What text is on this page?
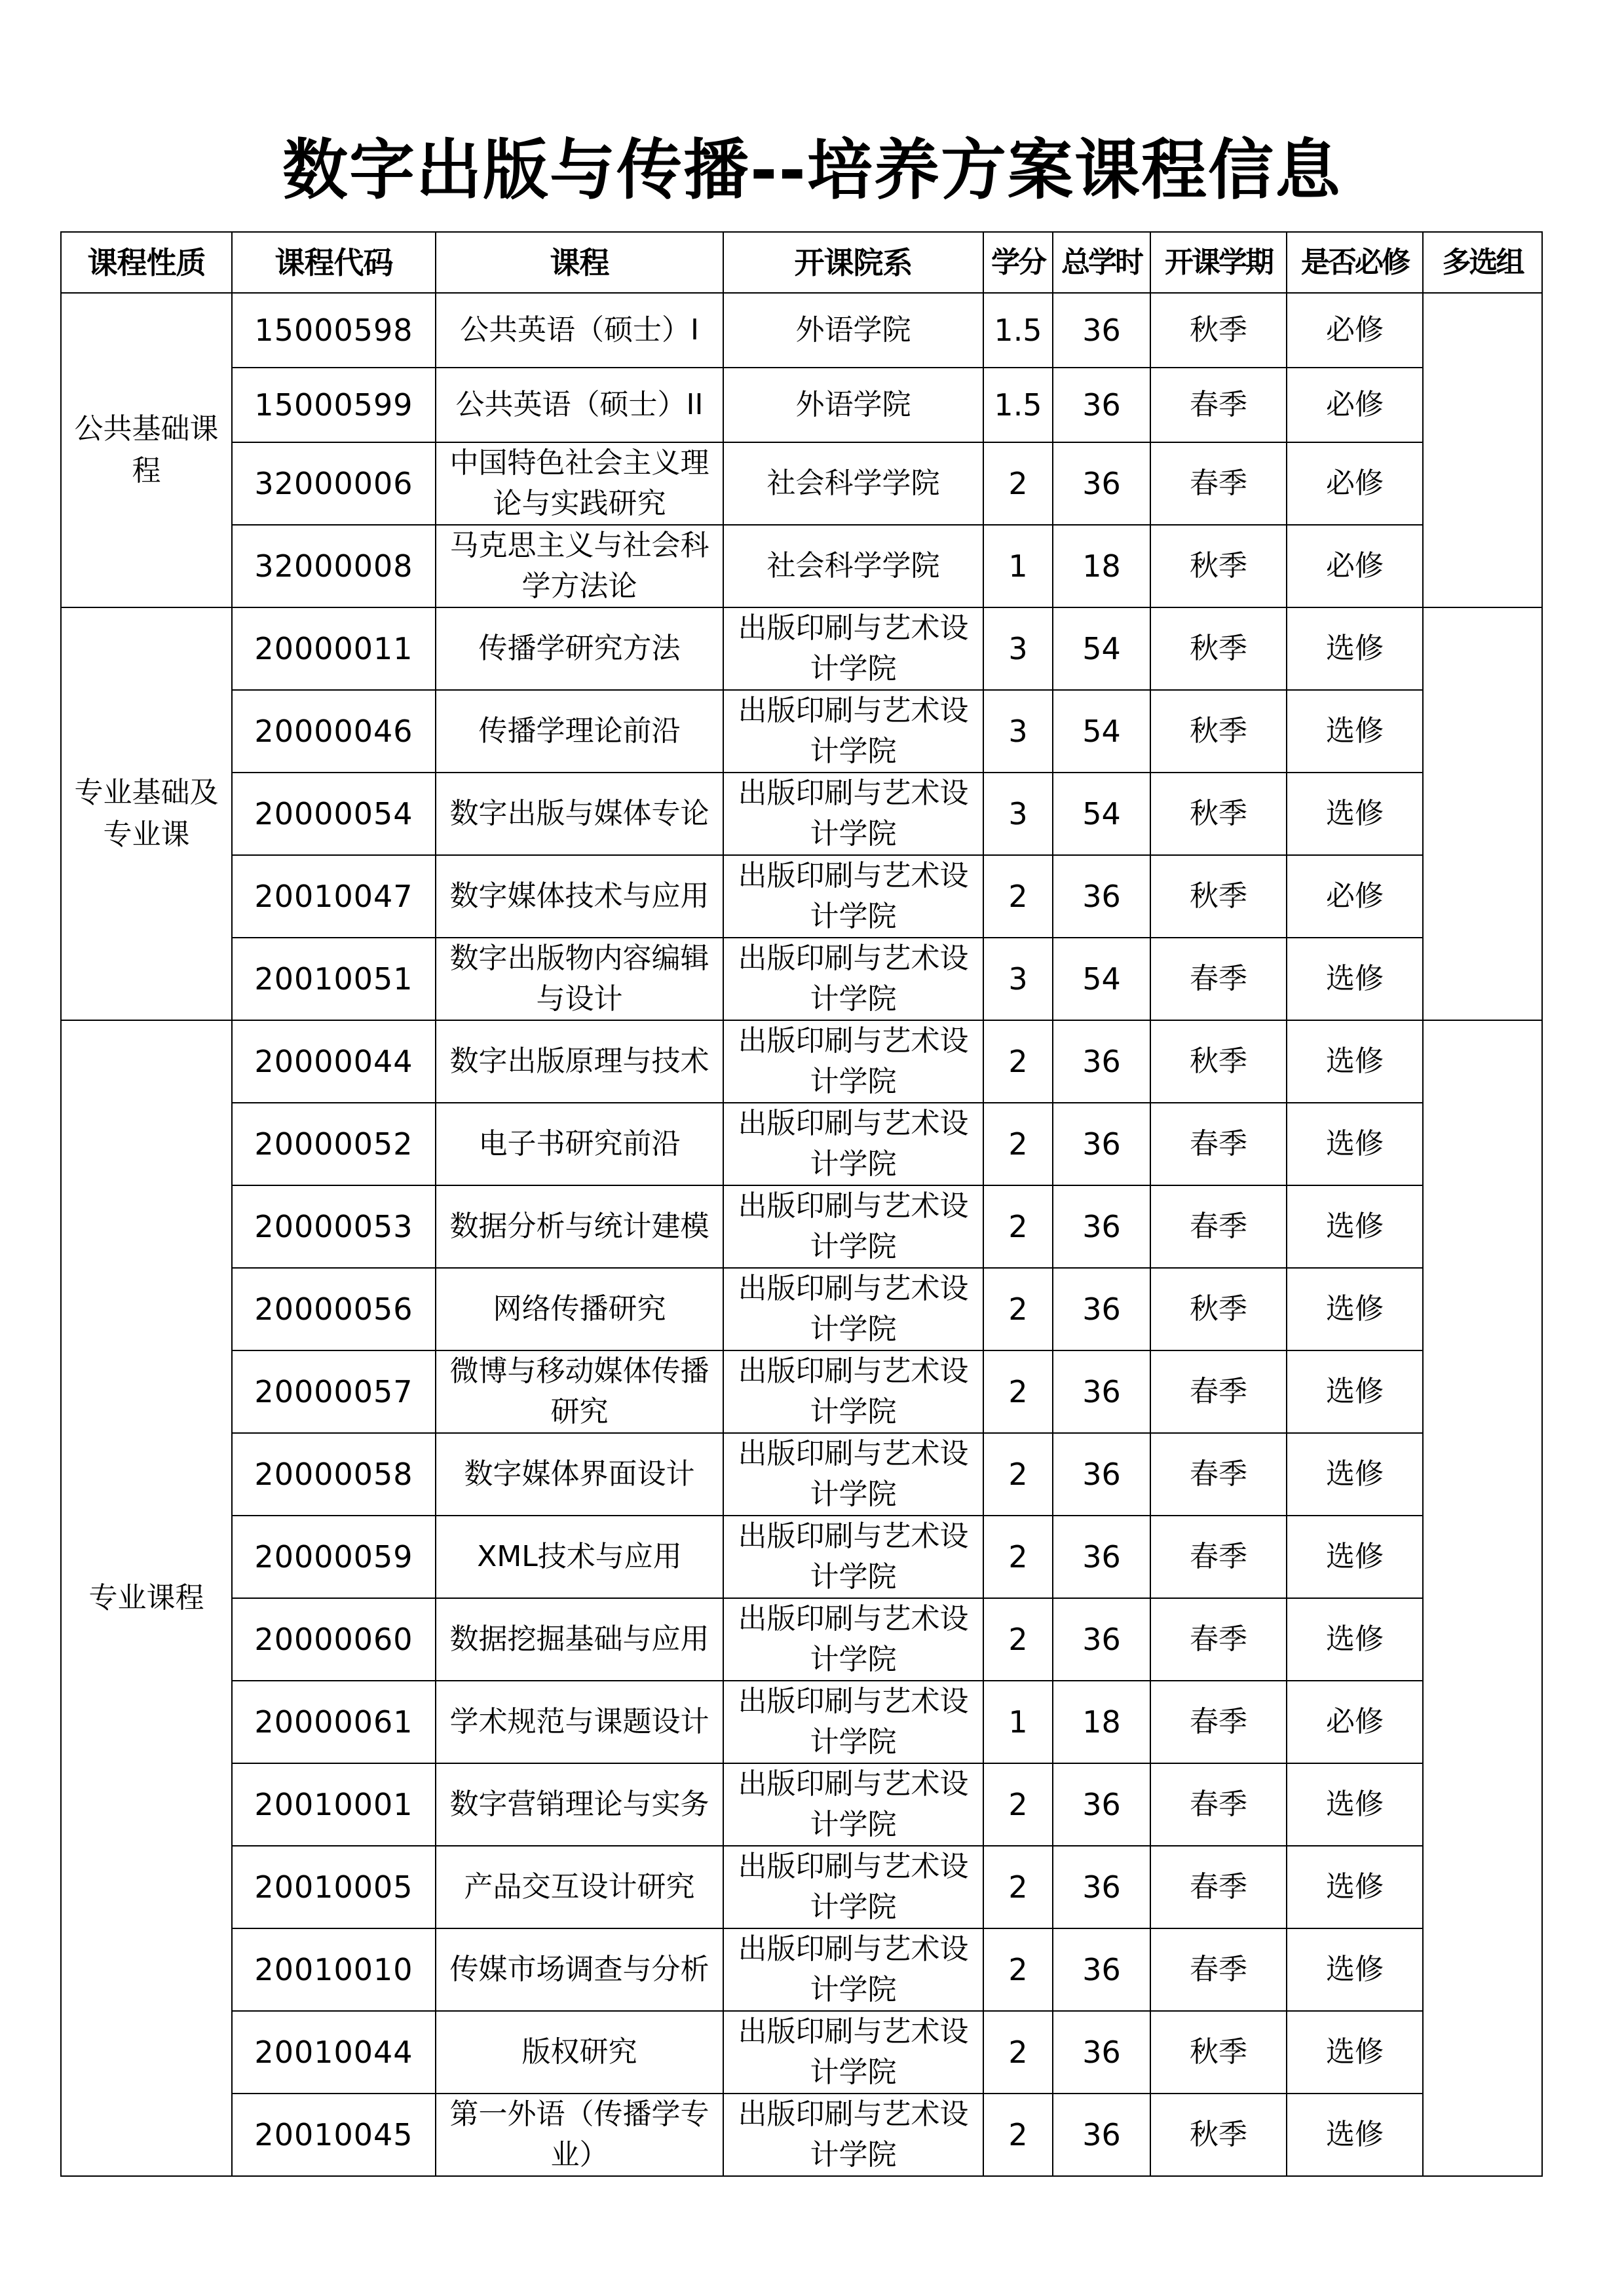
数字出版与传播--培养方案课程信息
课程性质	课程代码	课程	开课院系	学分	总学时	开课学期	是否必修	多选组
公共基础课程	15000598	公共英语（硕士）I	外语学院	1.5	36	秋季	必修	
	15000599	公共英语（硕士）II	外语学院	1.5	36	春季	必修	
	32000006	中国特色社会主义理论与实践研究	社会科学学院	2	36	春季	必修	
	32000008	马克思主义与社会科学方法论	社会科学学院	1	18	秋季	必修	
专业基础及专业课	20000011	传播学研究方法	出版印刷与艺术设计学院	3	54	秋季	选修	
	20000046	传播学理论前沿	出版印刷与艺术设计学院	3	54	秋季	选修	
	20000054	数字出版与媒体专论	出版印刷与艺术设计学院	3	54	秋季	选修	
	20010047	数字媒体技术与应用	出版印刷与艺术设计学院	2	36	秋季	必修	
	20010051	数字出版物内容编辑与设计	出版印刷与艺术设计学院	3	54	春季	选修	
专业课程	20000044	数字出版原理与技术	出版印刷与艺术设计学院	2	36	秋季	选修	
	20000052	电子书研究前沿	出版印刷与艺术设计学院	2	36	春季	选修	
	20000053	数据分析与统计建模	出版印刷与艺术设计学院	2	36	春季	选修	
	20000056	网络传播研究	出版印刷与艺术设计学院	2	36	秋季	选修	
	20000057	微博与移动媒体传播研究	出版印刷与艺术设计学院	2	36	春季	选修	
	20000058	数字媒体界面设计	出版印刷与艺术设计学院	2	36	春季	选修	
	20000059	XML技术与应用	出版印刷与艺术设计学院	2	36	春季	选修	
	20000060	数据挖掘基础与应用	出版印刷与艺术设计学院	2	36	春季	选修	
	20000061	学术规范与课题设计	出版印刷与艺术设计学院	1	18	春季	必修	
	20010001	数字营销理论与实务	出版印刷与艺术设计学院	2	36	春季	选修	
	20010005	产品交互设计研究	出版印刷与艺术设计学院	2	36	春季	选修	
	20010010	传媒市场调查与分析	出版印刷与艺术设计学院	2	36	春季	选修	
	20010044	版权研究	出版印刷与艺术设计学院	2	36	秋季	选修	
	20010045	第一外语（传播学专业）	出版印刷与艺术设计学院	2	36	秋季	选修	
